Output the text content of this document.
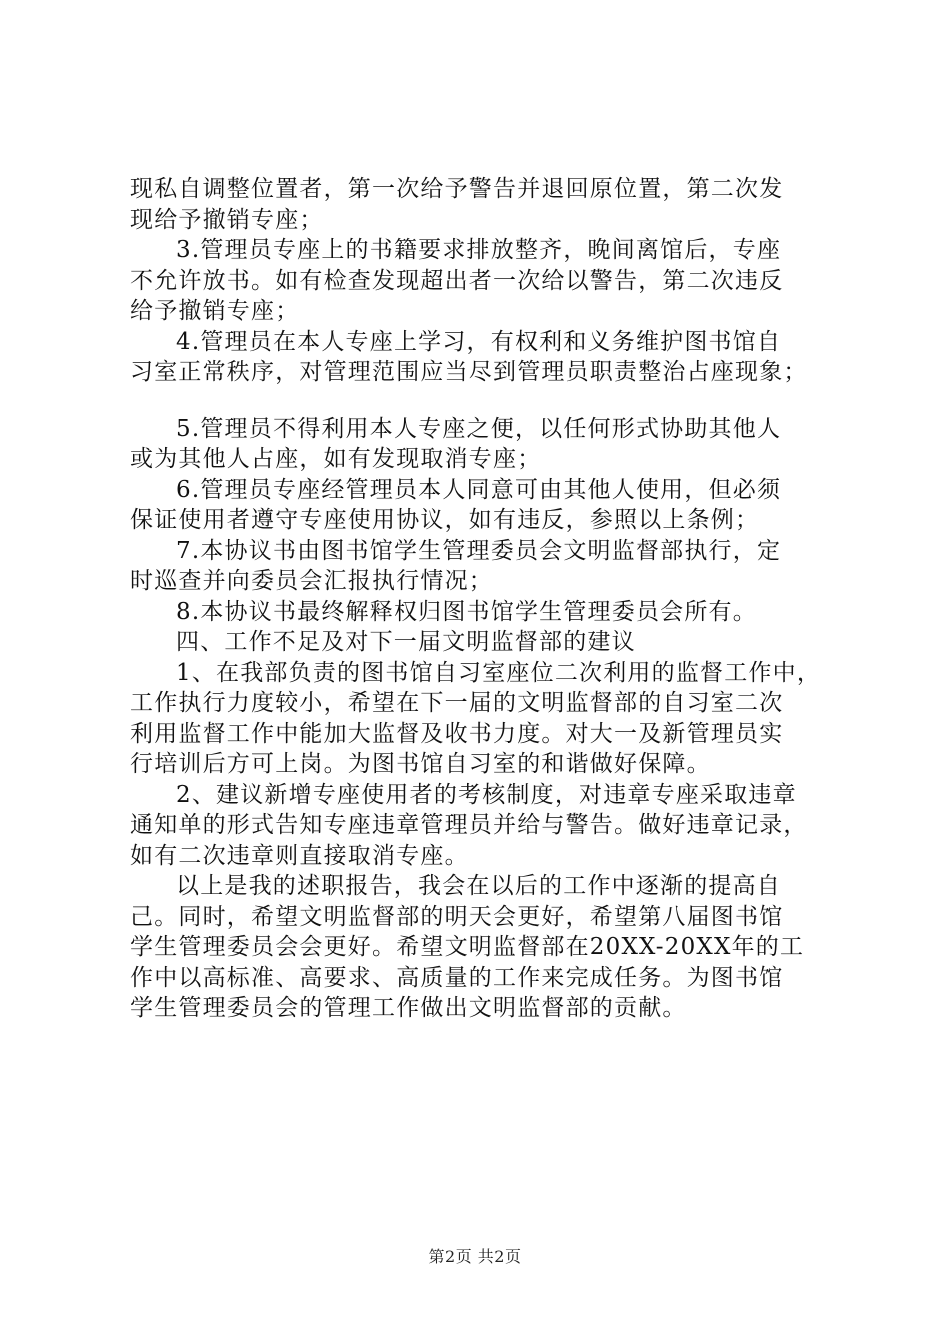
现私自调整位置者，第一次给予警告并退回原位置，第二次发
现给予撤销专座；
3.管理员专座上的书籍要求排放整齐，晚间离馆后，专座
不允许放书。如有检查发现超出者一次给以警告，第二次违反
给予撤销专座；
4.管理员在本人专座上学习，有权利和义务维护图书馆自
习室正常秩序，对管理范围应当尽到管理员职责整治占座现象；
5.管理员不得利用本人专座之便，以任何形式协助其他人
或为其他人占座，如有发现取消专座；
6.管理员专座经管理员本人同意可由其他人使用，但必须
保证使用者遵守专座使用协议，如有违反，参照以上条例；
7.本协议书由图书馆学生管理委员会文明监督部执行，定
时巡查并向委员会汇报执行情况；
8.本协议书最终解释权归图书馆学生管理委员会所有。
四、工作不足及对下一届文明监督部的建议
1、在我部负责的图书馆自习室座位二次利用的监督工作中，
工作执行力度较小，希望在下一届的文明监督部的自习室二次
利用监督工作中能加大监督及收书力度。对大一及新管理员实
行培训后方可上岗。为图书馆自习室的和谐做好保障。
2、建议新增专座使用者的考核制度，对违章专座采取违章
通知单的形式告知专座违章管理员并给与警告。做好违章记录，
如有二次违章则直接取消专座。
以上是我的述职报告，我会在以后的工作中逐渐的提高自
己。同时，希望文明监督部的明天会更好，希望第八届图书馆
学生管理委员会会更好。希望文明监督部在20XX-20XX年的工
作中以高标准、高要求、高质量的工作来完成任务。为图书馆
学生管理委员会的管理工作做出文明监督部的贡献。
第2页 共2页
